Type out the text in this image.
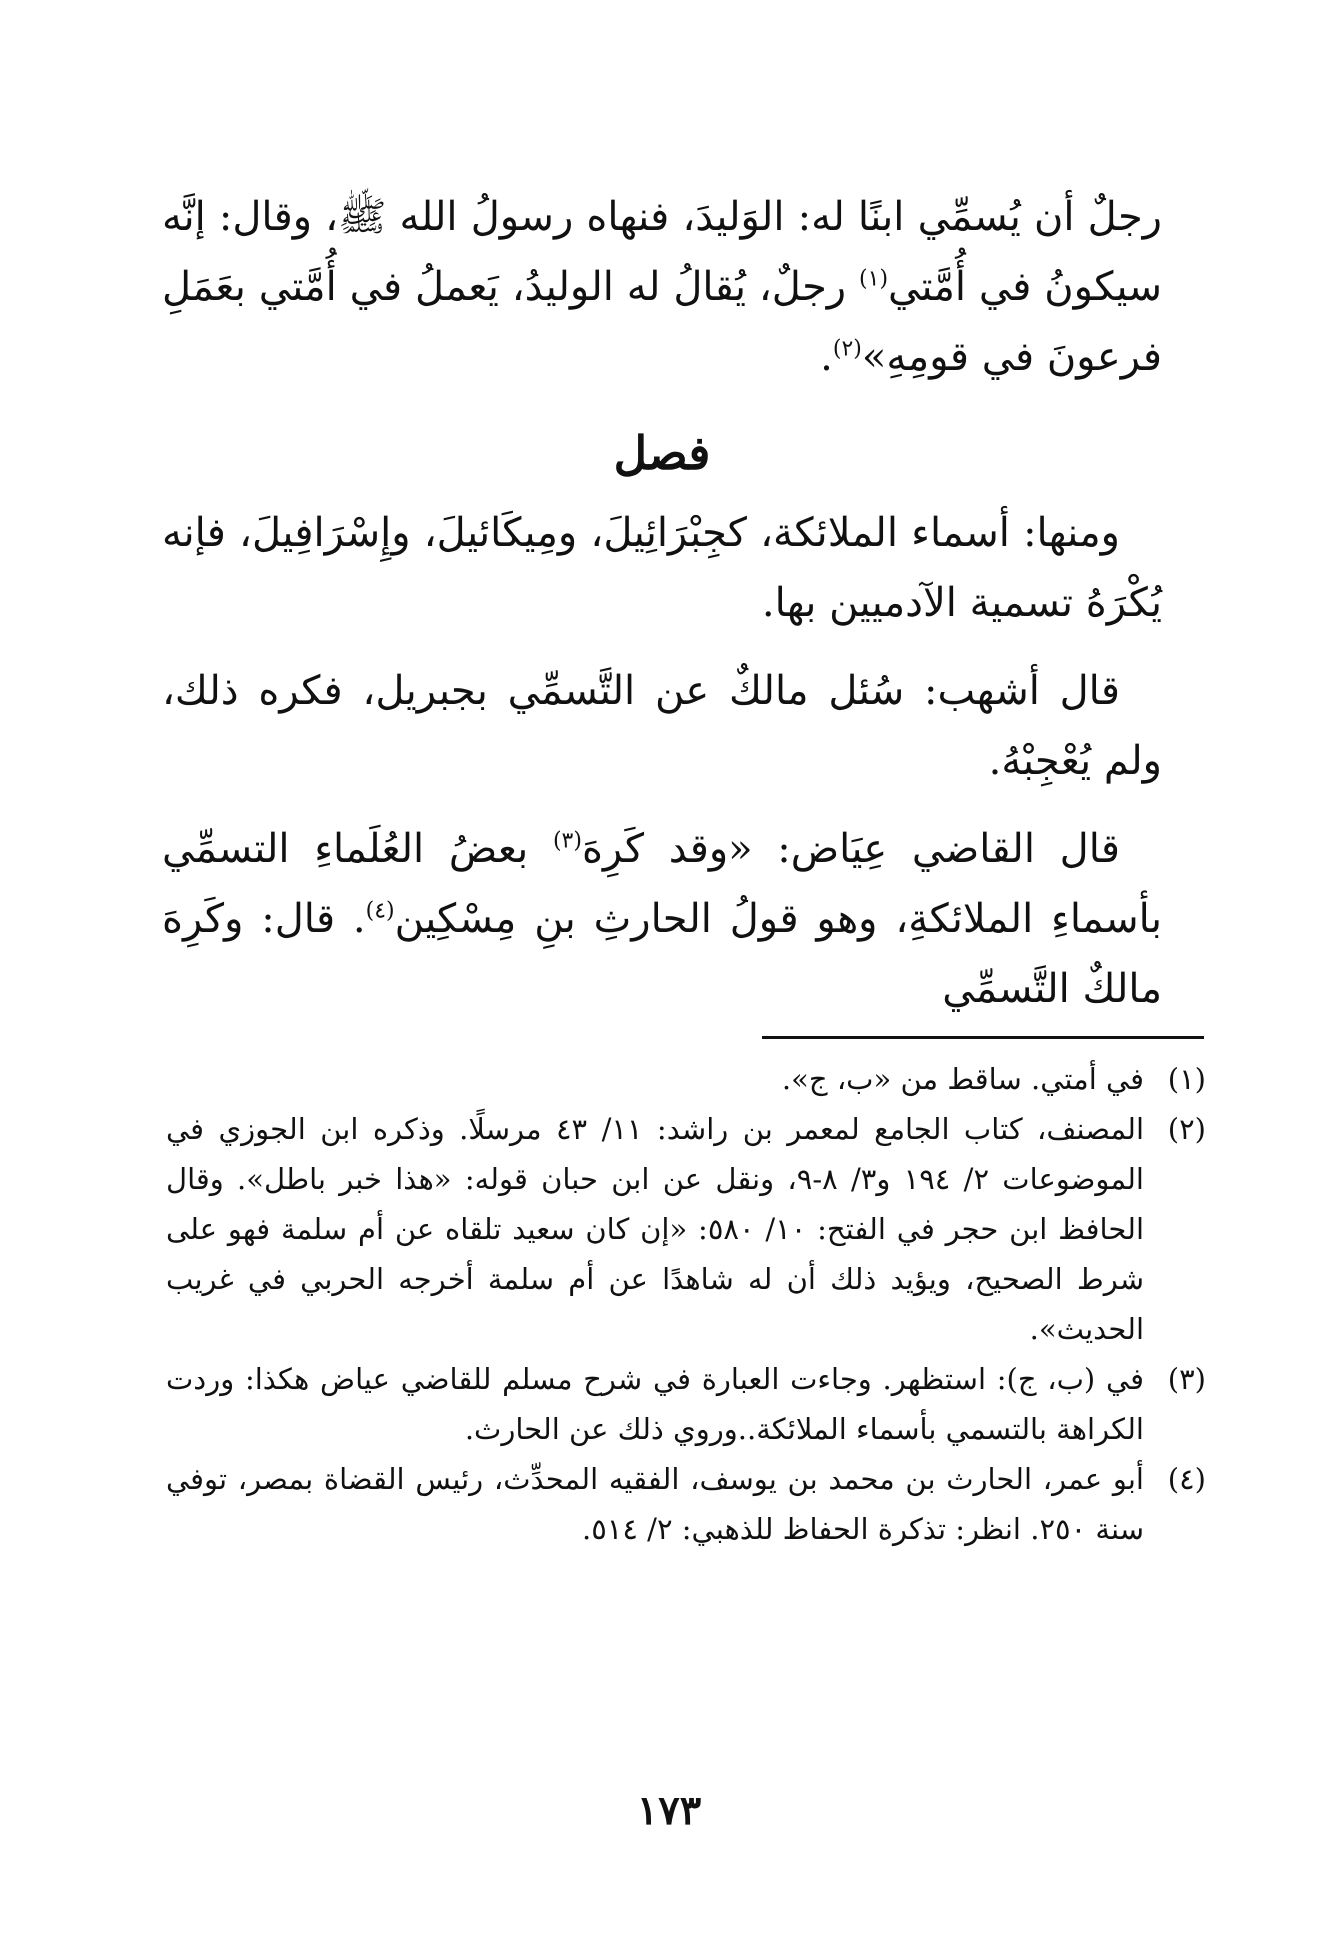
رجلٌ أن يُسمِّي ابنًا له: الوَليدَ، فنهاه رسولُ الله ﷺ، وقال: إنَّه سيكونُ في أُمَّتي$^{(١)}$ رجلٌ، يُقالُ له الوليدُ، يَعملُ في أُمَّتي بعَمَلِ فرعونَ في قومِهِ»$^{(٢)}$.

فصل

ومنها: أسماء الملائكة، كجِبْرَائِيلَ، ومِيكَائيلَ، وإِسْرَافِيلَ، فإنه يُكْرَهُ تسمية الآدميين بها.

قال أشهب: سُئل مالكٌ عن التَّسمِّي بجبريل، فكره ذلك، ولم يُعْجِبْهُ.

قال القاضي عِيَاض: «وقد كَرِهَ$^{(٣)}$ بعضُ العُلَماءِ التسمِّي بأسماءِ الملائكةِ، وهو قولُ الحارثِ بنِ مِسْكِين$^{(٤)}$. قال: وكَرِهَ مالكٌ التَّسمِّي

(١)
في أمتي. ساقط من «ب، ج».
(٢)
المصنف، كتاب الجامع لمعمر بن راشد: ١١/ ٤٣ مرسلًا. وذكره ابن الجوزي في الموضوعات ٢/ ١٩٤ و٣/ ٨-٩، ونقل عن ابن حبان قوله: «هذا خبر باطل». وقال الحافظ ابن حجر في الفتح: ١٠/ ٥٨٠: «إن كان سعيد تلقاه عن أم سلمة فهو على شرط الصحيح، ويؤيد ذلك أن له شاهدًا عن أم سلمة أخرجه الحربي في غريب الحديث».
(٣)
في (ب، ج): استظهر. وجاءت العبارة في شرح مسلم للقاضي عياض هكذا: وردت الكراهة بالتسمي بأسماء الملائكة..وروي ذلك عن الحارث.
(٤)
أبو عمر، الحارث بن محمد بن يوسف، الفقيه المحدِّث، رئيس القضاة بمصر، توفي سنة ٢٥٠. انظر: تذكرة الحفاظ للذهبي: ٢/ ٥١٤.
١٧٣
